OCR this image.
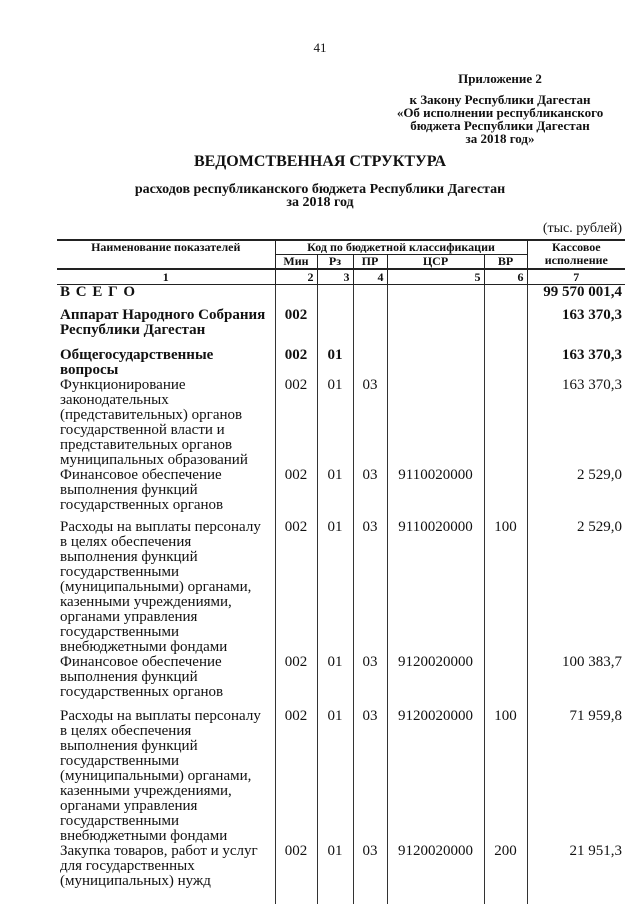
41
Приложение 2
к Закону Республики Дагестан
«Об исполнении республиканского
бюджета Республики Дагестан
за 2018 год»
ВЕДОМСТВЕННАЯ СТРУКТУРА
расходов республиканского бюджета Республики Дагестан
за 2018 год
(тыс. рублей)
Наименование показателей	Код по бюджетной классификации					Кассовое исполнение
	Мин	Рз	ПР	ЦСР	ВР	
1	2	3	4	5	6	7
В С Е Г О						99 570 001,4
Аппарат Народного Собрания Республики Дагестан	002					163 370,3
Общегосударственные вопросы	002	01				163 370,3
Функционирование законодательных (представительных) органов государственной власти и представительных органов муниципальных образований	002	01	03			163 370,3
Финансовое обеспечение выполнения функций государственных органов	002	01	03	9110020000		2 529,0
Расходы на выплаты персоналу в целях обеспечения выполнения функций государственными (муниципальными) органами, казенными учреждениями, органами управления государственными внебюджетными фондами	002	01	03	9110020000	100	2 529,0
Финансовое обеспечение выполнения функций государственных органов	002	01	03	9120020000		100 383,7
Расходы на выплаты персоналу в целях обеспечения выполнения функций государственными (муниципальными) органами, казенными учреждениями, органами управления государственными внебюджетными фондами	002	01	03	9120020000	100	71 959,8
Закупка товаров, работ и услуг для государственных (муниципальных) нужд	002	01	03	9120020000	200	21 951,3
